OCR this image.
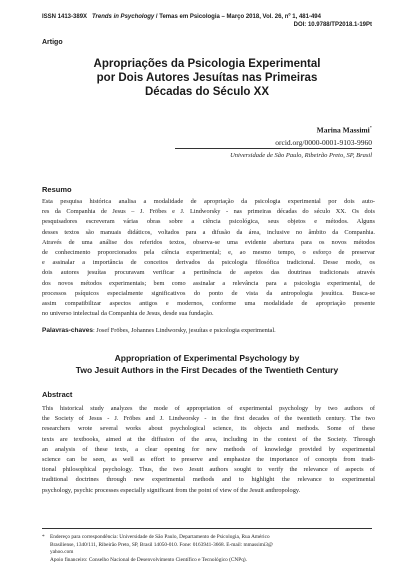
ISSN 1413-389X Trends in Psychology / Temas em Psicologia – Março 2018, Vol. 26, nº 1, 481-494
DOI: 10.9788/TP2018.1-19Pt
Artigo
Apropriações da Psicologia Experimental
por Dois Autores Jesuítas nas Primeiras
Décadas do Século XX
Marina Massimi*
orcid.org/0000-0001-9103-9960
Universidade de São Paulo, Ribeirão Preto, SP, Brasil
Resumo
Esta pesquisa histórica analisa a modalidade de apropriação da psicologia experimental por dois auto-
res da Companhia de Jesus – J. Fröbes e J. Lindworsky - nas primeiras décadas do século XX. Os dois
pesquisadores escreveram várias obras sobre a ciência psicológica, seus objetos e métodos. Alguns
desses textos são manuais didáticos, voltados para a difusão da área, inclusive no âmbito da Companhia.
Através de uma análise dos referidos textos, observa-se uma evidente abertura para os novos métodos
de conhecimento proporcionados pela ciência experimental; e, ao mesmo tempo, o esforço de preservar
e assinalar a importância de conceitos derivados da psicologia filosófica tradicional. Desse modo, os
dois autores jesuítas procuravam verificar a pertinência de aspetos das doutrinas tradicionais através
dos novos métodos experimentais; bem como assinalar a relevância para a psicologia experimental, de
processos psíquicos especialmente significativos do ponto de vista da antropologia jesuítica. Busca-se
assim compatibilizar aspectos antigos e modernos, conforme uma modalidade de apropriação presente
no universo intelectual da Companhia de Jesus, desde sua fundação.
Palavras-chaves: Josef Fröbes, Johannes Lindworsky, jesuítas e psicologia experimental.
Appropriation of Experimental Psychology by
Two Jesuit Authors in the First Decades of the Twentieth Century
Abstract
This historical study analyzes the mode of appropriation of experimental psychology by two authors of
the Society of Jesus - J. Fröbes and J. Lindworsky - in the first decades of the twentieth century. The two
researchers wrote several works about psychological science, its objects and methods. Some of these
texts are textbooks, aimed at the diffusion of the area, including in the context of the Society. Through
an analysis of these texts, a clear opening for new methods of knowledge provided by experimental
science can be seen, as well as effort to preserve and emphasize the importance of concepts from tradi-
tional philosophical psychology. Thus, the two Jesuit authors sought to verify the relevance of aspects of
traditional doctrines through new experimental methods and to highlight the relevance to experimental
psychology, psychic processes especially significant from the point of view of the Jesuit anthropology.
* Endereço para correspondência: Universidade de São Paulo, Departamento de Psicologia, Rua Américo
Brasiliense, 1340/111, Ribeirão Preto, SP, Brasil 14050-010. Fone: 0163941-3668. E-mail: mmassimi3@
yahoo.com
Apoio financeiro: Conselho Nacional de Desenvolvimento Científico e Tecnológico (CNPq).
